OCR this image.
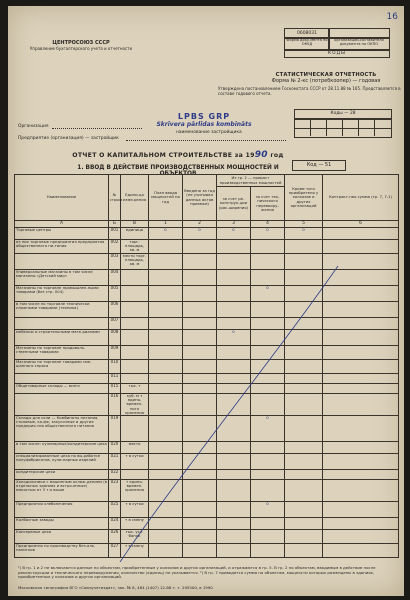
16
ЦЕНТРОСОЮЗ СССР
Управление бухгалтерского учета и отчетности
0608031
Форма доку-мента по ОКУД
организации-составителя документа по ОКПО
КОДЫ
СТАТИСТИЧЕСКАЯ ОТЧЕТНОСТЬ
Форма № 2-кс (потребкоопер) — годовая
Утверждена постановлением Госкомстата СССР от 28.11.88 № 165. Представляется в составе годового отчета.
Коды — 28
LPBS GRP
Skrīvera pārlīdas kombināts
Организация
Предприятие (организация) — застройщик
наименование застройщика
ОТЧЕТ О КАПИТАЛЬНОМ СТРОИТЕЛЬСТВЕ за 1990 год
1. ВВОД В ДЕЙСТВИЕ ПРОИЗВОДСТВЕННЫХ МОЩНОСТЕЙ И ОБЪЕКТОВ
Код — 51
Наименование	№ строки	Едини-ца изме-рения	План ввода мощностей на год	Введено за год (не учитывая данных актов приемки)	Из гр. 2 — прирост производственных мощностей		Кроме того приобретено у колхозов и других организаций	Контракт-ная сумма (гр. 7, 7-1)
					за счет ре-конструк-ции (рас-ширения)	за счет тех-нического перевоору-жения		
А	Б	В	1	2	3	4	5	6
Торговые центры	001	единица	0	0	0	0	0	
из них торговые предприятия предприятия общественного пи-тания	002	торг. площадь, кв. м						
	003	место торг. площадь, кв. м						
Универсальные магазины в том числе магазины «Детский мир»	004							
Магазины по торговле промышлен-ными товарами (без стр. 004)	005					0		
в том числе по торговле технически сложными товарами (техника)	006							
	007							
мебелью и строительными мате-риалами	008				0			
Магазины по торговле продоволь-ственными товарами	009							
Магазины по торговле товарами сме-шанного спроса	010							
	011							
Общетоварные склады — всего	015	тыс. т						
	016	куб. м т едино-времен-ного хранения						
Склады для соли — Комбинаты питания, столовые, ка-фе, закусочные и другие предприя-тия общественного питания	019					0		
в том числе: кулинарные/кондитерские цеха	020	место						
специализированные цеха по вы-работке полуфабрикатов, кули-нарных изделий	021	т в сутки						
кондитерские цехи	022							
Холодильники с машинным охлаж-дением (в отдельных зданиях и встро-енные) емкостью от 3 т и выше	023	т едино-времен. хранения						
Предприятия хлебопечения	025	т в сутки				0		
Колбасные заводы	024	т в смену						
Консервные цеха	026	тыс. усл. банок						
Предприятия по производству без-алк. напитков	027	т в смену						
¹) В гр. 1 и 2 не включаются данные по объектам, приобретенным у колхозов и других организаций, и отражаются в гр. 5. В гр. 2 по объектам, вводимым в действие после реконструкции и технического перевооружения, количество (единиц) не указывается. ²) В гр. 7 приводится сумма по объектам, мощности которых размещены в зданиях, приобретенных у колхозов и других организаций.
Московская типография ВГО «Союзучетиздат», зак. № 8, 484 (1407) 12-88 т. т. 295500, в 1990
